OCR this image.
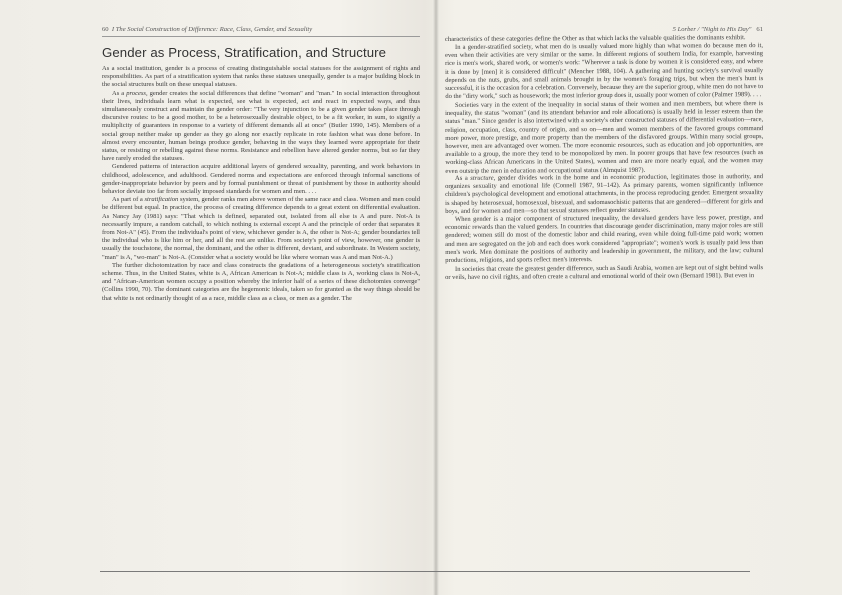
60 I The Social Construction of Difference: Race, Class, Gender, and Sexuality
Gender as Process, Stratification, and Structure

As a social institution, gender is a process of creating distinguishable social statuses for the assignment of rights and responsibilities. As part of a stratification system that ranks these statuses unequally, gender is a major building block in the social structures built on these unequal statuses.

As a process, gender creates the social differences that define "woman" and "man." In social interaction throughout their lives, individuals learn what is expected, see what is expected, act and react in expected ways, and thus simultaneously construct and maintain the gender order: "The very injunction to be a given gender takes place through discursive routes: to be a good mother, to be a heterosexually desirable object, to be a fit worker, in sum, to signify a multiplicity of guarantees in response to a variety of different demands all at once" (Butler 1990, 145). Members of a social group neither make up gender as they go along nor exactly replicate in rote fashion what was done before. In almost every encounter, human beings produce gender, behaving in the ways they learned were appropriate for their status, or resisting or rebelling against these norms. Resistance and rebellion have altered gender norms, but so far they have rarely eroded the statuses.

Gendered patterns of interaction acquire additional layers of gendered sexuality, parenting, and work behaviors in childhood, adolescence, and adulthood. Gendered norms and expectations are enforced through informal sanctions of gender-inappropriate behavior by peers and by formal punishment or threat of punishment by those in authority should behavior deviate too far from socially imposed standards for women and men. . . .

As part of a stratification system, gender ranks men above women of the same race and class. Women and men could be different but equal. In practice, the process of creating difference depends to a great extent on differential evaluation. As Nancy Jay (1981) says: "That which is defined, separated out, isolated from all else is A and pure. Not-A is necessarily impure, a random catchall, to which nothing is external except A and the principle of order that separates it from Not-A" (45). From the individual's point of view, whichever gender is A, the other is Not-A; gender boundaries tell the individual who is like him or her, and all the rest are unlike. From society's point of view, however, one gender is usually the touchstone, the normal, the dominant, and the other is different, deviant, and subordinate. In Western society, "man" is A, "wo-man" is Not-A. (Consider what a society would be like where woman was A and man Not-A.)

The further dichotomization by race and class constructs the gradations of a heterogeneous society's stratification scheme. Thus, in the United States, white is A, African American is Not-A; middle class is A, working class is Not-A, and "African-American women occupy a position whereby the inferior half of a series of these dichotomies converge" (Collins 1990, 70). The dominant categories are the hegemonic ideals, taken so for granted as the way things should be that white is not ordinarily thought of as a race, middle class as a class, or men as a gender. The

5 Lorber / "Night to His Day" 61

characteristics of these categories define the Other as that which lacks the valuable qualities the dominants exhibit.

In a gender-stratified society, what men do is usually valued more highly than what women do because men do it, even when their activities are very similar or the same. In different regions of southern India, for example, harvesting rice is men's work, shared work, or women's work: "Wherever a task is done by women it is considered easy, and where it is done by [men] it is considered difficult" (Mencher 1988, 104). A gathering and hunting society's survival usually depends on the nuts, grubs, and small animals brought in by the women's foraging trips, but when the men's hunt is successful, it is the occasion for a celebration. Conversely, because they are the superior group, white men do not have to do the "dirty work," such as housework; the most inferior group does it, usually poor women of color (Palmer 1989). . . .

Societies vary in the extent of the inequality in social status of their women and men members, but where there is inequality, the status "woman" (and its attendant behavior and role allocations) is usually held in lesser esteem than the status "man." Since gender is also intertwined with a society's other constructed statuses of differential evaluation—race, religion, occupation, class, country of origin, and so on—men and women members of the favored groups command more power, more prestige, and more property than the members of the disfavored groups. Within many social groups, however, men are advantaged over women. The more economic resources, such as education and job opportunities, are available to a group, the more they tend to be monopolized by men. In poorer groups that have few resources (such as working-class African Americans in the United States), women and men are more nearly equal, and the women may even outstrip the men in education and occupational status (Almquist 1987).

As a structure, gender divides work in the home and in economic production, legitimates those in authority, and organizes sexuality and emotional life (Connell 1987, 91–142). As primary parents, women significantly influence children's psychological development and emotional attachments, in the process reproducing gender. Emergent sexuality is shaped by heterosexual, homosexual, bisexual, and sadomasochistic patterns that are gendered—different for girls and boys, and for women and men—so that sexual statuses reflect gender statuses.

When gender is a major component of structured inequality, the devalued genders have less power, prestige, and economic rewards than the valued genders. In countries that discourage gender discrimination, many major roles are still gendered; women still do most of the domestic labor and child rearing, even while doing full-time paid work; women and men are segregated on the job and each does work considered "appropriate"; women's work is usually paid less than men's work. Men dominate the positions of authority and leadership in government, the military, and the law; cultural productions, religions, and sports reflect men's interests.

In societies that create the greatest gender difference, such as Saudi Arabia, women are kept out of sight behind walls or veils, have no civil rights, and often create a cultural and emotional world of their own (Bernard 1981). But even in
